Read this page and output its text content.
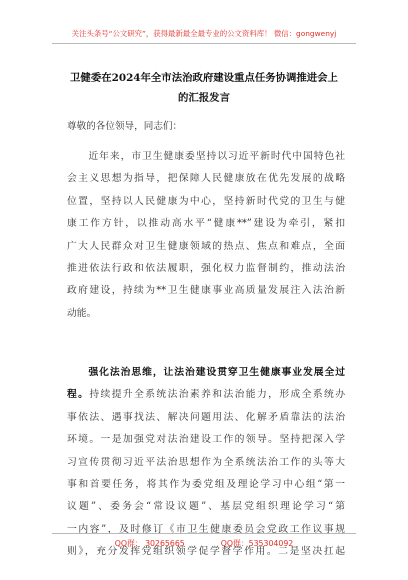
关注头条号“公文研究”，获得最新最全最专业的公文资料库！ 微信：gongwenyj
卫健委在2024年全市法治政府建设重点任务协调推进会上
的汇报发言
尊敬的各位领导，同志们：
　　近年来，市卫生健康委坚持以习近平新时代中国特色社
会主义思想为指导，把保障人民健康放在优先发展的战略
位置，坚持以人民健康为中心，坚持新时代党的卫生与健
康工作方针，以推动高水平“健康**”建设为牵引，紧扣
广大人民群众对卫生健康领域的热点、焦点和难点，全面
推进依法行政和依法履职，强化权力监督制约，推动法治
政府建设，持续为**卫生健康事业高质量发展注入法治新
动能。
　　强化法治思维，让法治建设贯穿卫生健康事业发展全过
程。持续提升全系统法治素养和法治能力，形成全系统办
事依法、遇事找法、解决问题用法、化解矛盾靠法的法治
环境。一是加强党对法治建设工作的领导。坚持把深入学
习宣传贯彻习近平法治思想作为全系统法治工作的头等大
事和首要任务，将其作为委党组及理论学习中心组“第一
议题”、委务会“常设议题”、基层党组织理论学习“第
一内容”，及时修订《市卫生健康委员会党政工作议事规
则》，充分发挥党组织领学促学督学作用。二是坚决扛起
QQ群： 30265665	QQ群：535304092
